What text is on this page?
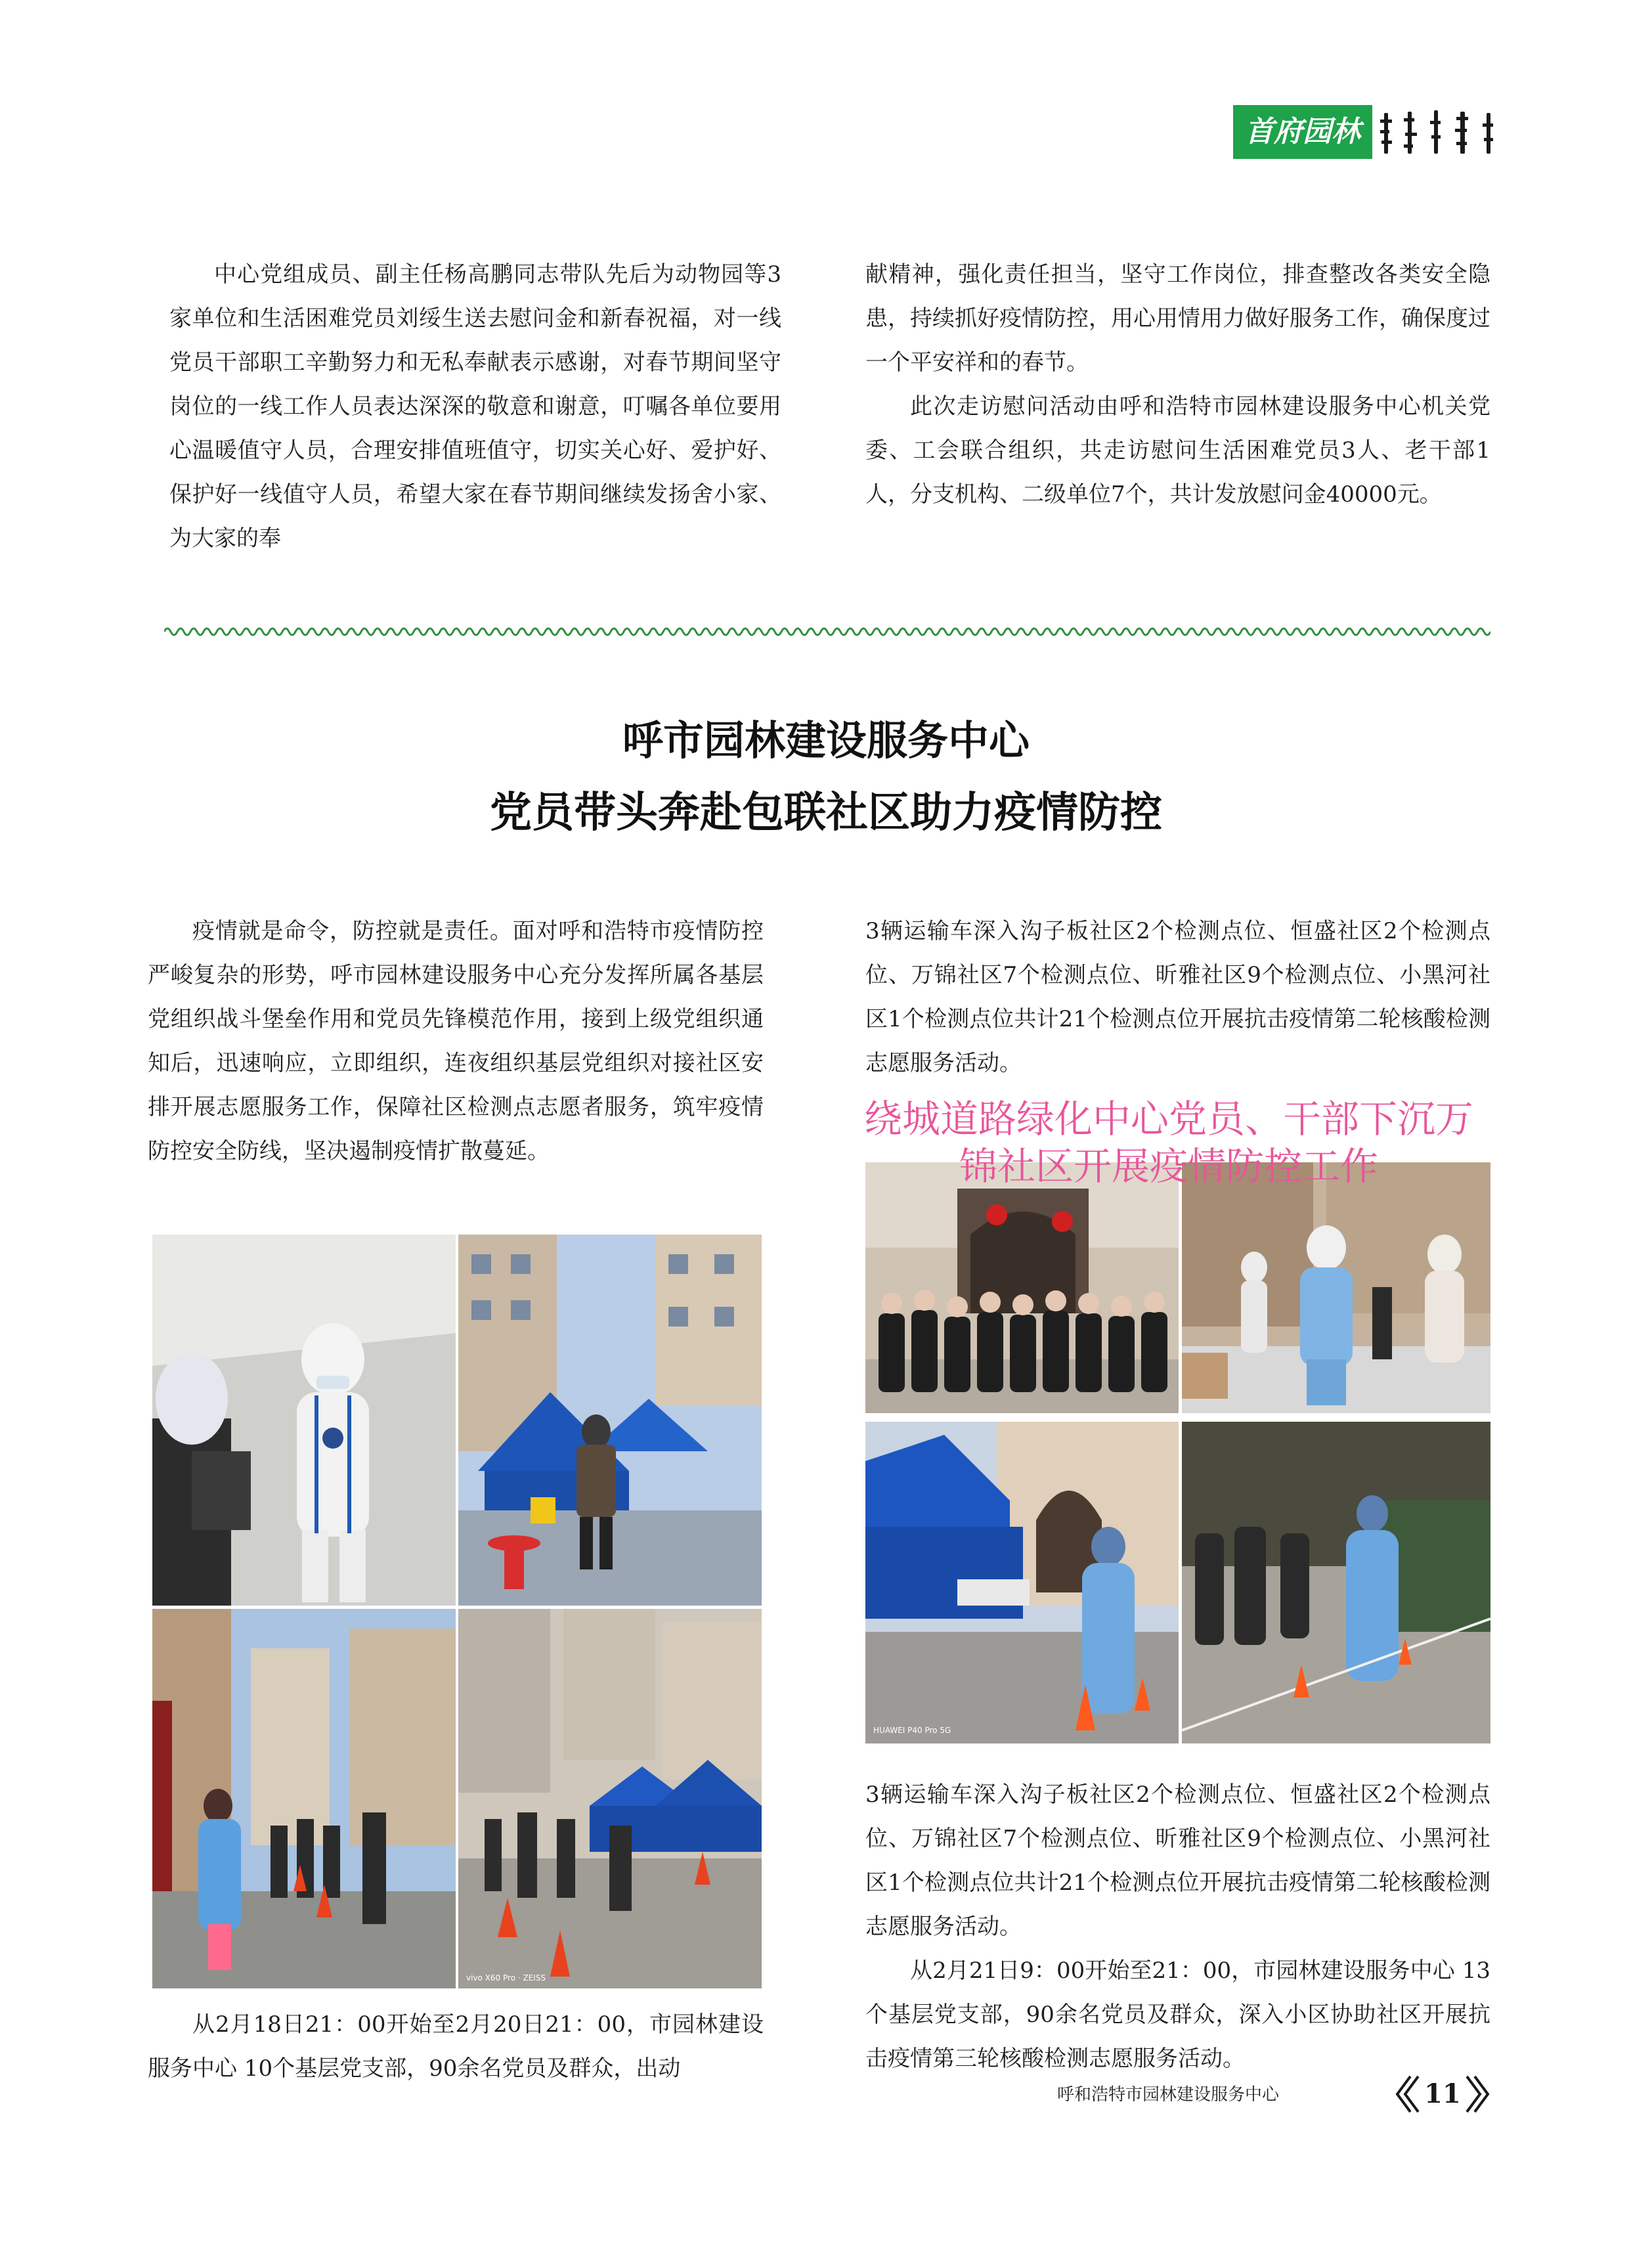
首府园林

中心党组成员、副主任杨高鹏同志带队先后为动物园等3家单位和生活困难党员刘绥生送去慰问金和新春祝福，对一线党员干部职工辛勤努力和无私奉献表示感谢，对春节期间坚守岗位的一线工作人员表达深深的敬意和谢意，叮嘱各单位要用心温暖值守人员，合理安排值班值守，切实关心好、爱护好、保护好一线值守人员，希望大家在春节期间继续发扬舍小家、为大家的奉

献精神，强化责任担当，坚守工作岗位，排查整改各类安全隐患，持续抓好疫情防控，用心用情用力做好服务工作，确保度过一个平安祥和的春节。

此次走访慰问活动由呼和浩特市园林建设服务中心机关党委、工会联合组织，共走访慰问生活困难党员3人、老干部1人，分支机构、二级单位7个，共计发放慰问金40000元。

呼市园林建设服务中心
党员带头奔赴包联社区助力疫情防控

疫情就是命令，防控就是责任。面对呼和浩特市疫情防控严峻复杂的形势，呼市园林建设服务中心充分发挥所属各基层党组织战斗堡垒作用和党员先锋模范作用，接到上级党组织通知后，迅速响应，立即组织，连夜组织基层党组织对接社区安排开展志愿服务工作，保障社区检测点志愿者服务，筑牢疫情防控安全防线，坚决遏制疫情扩散蔓延。

3辆运输车深入沟子板社区2个检测点位、恒盛社区2个检测点位、万锦社区7个检测点位、昕雅社区9个检测点位、小黑河社区1个检测点位共计21个检测点位开展抗击疫情第二轮核酸检测志愿服务活动。

vivo X60 Pro · ZEISS
HUAWEI P40 Pro 5G
绕城道路绿化中心党员、干部下沉万锦社区开展疫情防控工作

从2月18日21：00开始至2月20日21：00，市园林建设服务中心 10个基层党支部，90余名党员及群众，出动

3辆运输车深入沟子板社区2个检测点位、恒盛社区2个检测点位、万锦社区7个检测点位、昕雅社区9个检测点位、小黑河社区1个检测点位共计21个检测点位开展抗击疫情第二轮核酸检测志愿服务活动。

从2月21日9：00开始至21：00，市园林建设服务中心 13个基层党支部，90余名党员及群众，深入小区协助社区开展抗击疫情第三轮核酸检测志愿服务活动。

呼和浩特市园林建设服务中心	11
